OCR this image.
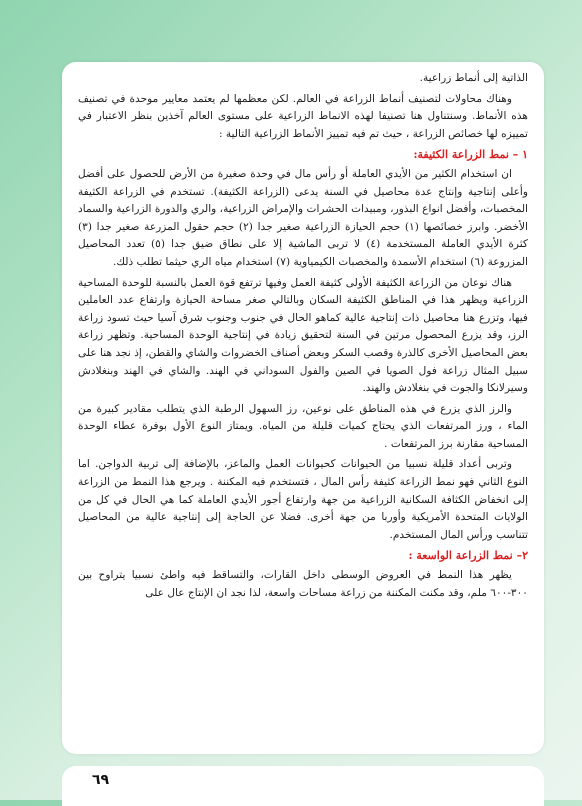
الذاتية إلى أنماط زراعية.

وهناك محاولات لتصنيف أنماط الزراعة في العالم. لكن معظمها لم يعتمد معايير موحدة في تصنيف هذه الأنماط. وسنتناول هنا تصنيفا لهذه الانماط الزراعية على مستوى العالم آخذين بنظر الاعتبار في تمييزه لها خصائص الزراعة ، حيث تم فيه تمييز الأنماط الزراعية التالية :

١ – نمط الزراعة الكثيفة:

ان استخدام الكثير من الأيدي العاملة أو رأس مال في وحدة صغيرة من الأرض للحصول على أفضل وأعلى إنتاجية وإنتاج عدة محاصيل في السنة يدعى (الزراعة الكثيفة). تستخدم في الزراعة الكثيفة المخصبات، وأفضل انواع البذور، ومبيدات الحشرات والإمراض الزراعية، والري والدورة الزراعية والسماد الأخضر. وابرز خصائصها (١) حجم الحيازة الزراعية صغير جدا (٢) حجم حقول المزرعة صغير جدا (٣) كثرة الأيدي العاملة المستخدمة (٤) لا تربى الماشية إلا على نطاق ضيق جدا (٥) تعدد المحاصيل المزروعة (٦) استخدام الأسمدة والمخصبات الكيمياوية (٧) استخدام مياه الري حيثما تطلب ذلك.

هناك نوعان من الزراعة الكثيفة الأولى كثيفة العمل وفيها ترتفع قوة العمل بالنسبة للوحدة المساحية الزراعية ويظهر هذا في المناطق الكثيفة السكان وبالتالي صغر مساحة الحيازة وارتفاع عدد العاملين فيها، وتزرع هنا محاصيل ذات إنتاجية عالية كماهو الحال في جنوب وجنوب شرق آسيا حيث تسود زراعة الرز، وقد يزرع المحصول مرتين في السنة لتحقيق زيادة في إنتاجية الوحدة المساحية. وتظهر زراعة بعض المحاصيل الأخرى كالذرة وقصب السكر وبعض أصناف الخضروات والشاي والقطن، إذ نجد هنا على سبيل المثال زراعة فول الصويا في الصين والفول السوداني في الهند. والشاي في الهند وبنغلادش وسيرلانكا والجوت في بنغلادش والهند.

والرز الذي يزرع في هذه المناطق على نوعين، رز السهول الرطبة الذي يتطلب مقادير كبيرة من الماء ، ورز المرتفعات الذي يحتاج كميات قليلة من المياه. ويمتاز النوع الأول بوفرة عطاء الوحدة المساحية مقارنة برز المرتفعات .

وتربى أعداد قليلة نسبيا من الحيوانات كحيوانات العمل والماعز، بالإضافة إلى تربية الدواجن. اما النوع الثاني فهو نمط الزراعة كثيفة رأس المال ، فتستخدم فيه المكننة . ويرجع هذا النمط من الزراعة إلى انخفاض الكثافة السكانية الزراعية من جهة وارتفاع أجور الأيدي العاملة كما هي الحال في كل من الولايات المتحدة الأمريكية وأوربا من جهة أخرى. فضلا عن الحاجة إلى إنتاجية عالية من المحاصيل تتناسب ورأس المال المستخدم.

٢– نمط الزراعة الواسعة :

يظهر هذا النمط في العروض الوسطى داخل القارات، والتساقط فيه واطئ نسبيا يتراوح بين ٣٠٠-٦٠٠ ملم، وقد مكنت المكننة من زراعة مساحات واسعة، لذا نجد ان الإنتاج عال على

٦٩
